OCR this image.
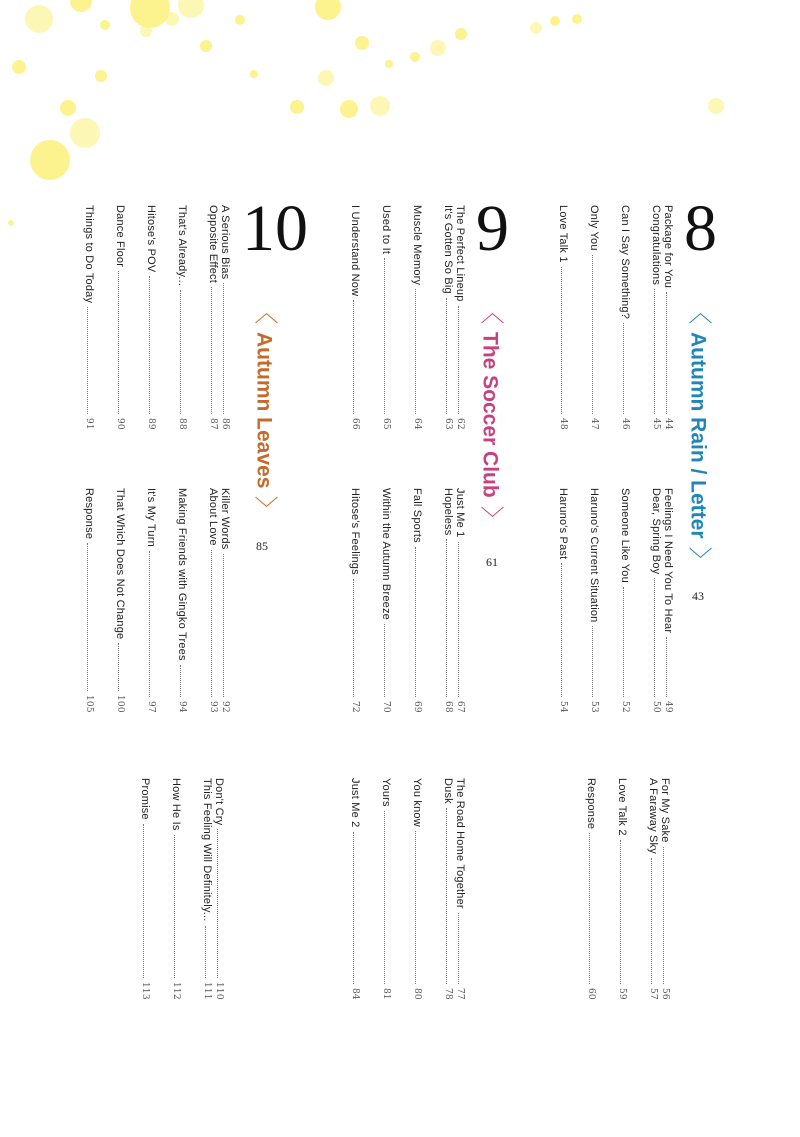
8
〈
Autumn Rain / Letter
〉
43
Package for You
44
Congratulations
45
Can I Say Something?
46
Only You
47
Love Talk 1
48
Feelings I Need You To Hear
49
Dear, Spring Boy
50
Someone Like You
52
Haruno's Current Situation
53
Haruno's Past
54
For My Sake
56
A Faraway Sky
57
Love Talk 2
59
Response
60
9
〈
The Soccer Club
〉
61
The Perfect Lineup
62
It's Gotten So Big
63
Muscle Memory
64
Used to It
65
I Understand Now
66
Just Me 1
67
Hopeless
68
Fall Sports
69
Within the Autumn Breeze
70
Hitose's Feelings
72
The Road Home Together
77
Dusk
78
You know
80
Yours
81
Just Me 2
84
10
〈
Autumn Leaves
〉
85
A Serious Bias
86
Opposite Effect
87
That's Already...
88
Hitose's POV
89
Dance Floor
90
Things to Do Today
91
Killer Words
92
About Love
93
Making Friends with Gingko Trees
94
It's My Turn
97
That Which Does Not Change
100
Response
105
Don't Cry
110
This Feeling Will Definitely...
111
How He Is
112
Promise
113
